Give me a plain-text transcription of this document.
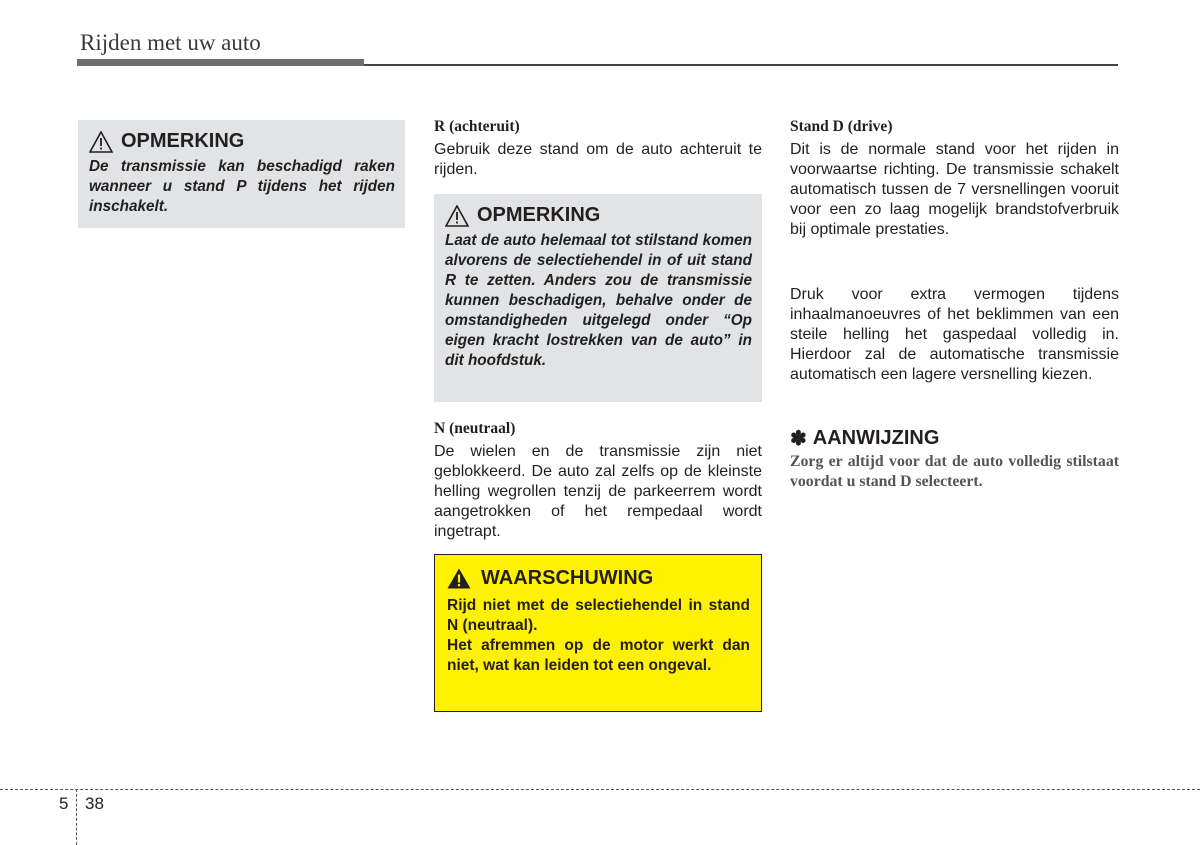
Rijden met uw auto
OPMERKING
De transmissie kan beschadigd raken wanneer u stand P tijdens het rijden inschakelt.
R (achteruit)
Gebruik deze stand om de auto achteruit te rijden.
OPMERKING
Laat de auto helemaal tot stilstand komen alvorens de selectiehendel in of uit stand R te zetten. Anders zou de transmissie kunnen beschadigen, behalve onder de omstandigheden uitgelegd onder “Op eigen kracht lostrekken van de auto” in dit hoofdstuk.
N (neutraal)
De wielen en de transmissie zijn niet geblokkeerd. De auto zal zelfs op de kleinste helling wegrollen tenzij de parkeerrem wordt aangetrokken of het rempedaal wordt ingetrapt.
WAARSCHUWING

Rijd niet met de selectiehendel in stand N (neutraal).

Het afremmen op de motor werkt dan niet, wat kan leiden tot een ongeval.

Stand D (drive)
Dit is de normale stand voor het rijden in voorwaartse richting. De transmissie schakelt automatisch tussen de 7 versnellingen vooruit voor een zo laag mogelijk brandstofverbruik bij optimale prestaties.
Druk voor extra vermogen tijdens inhaalmanoeuvres of het beklimmen van een steile helling het gaspedaal volledig in. Hierdoor zal de automatische transmissie automatisch een lagere versnelling kiezen.
✽ AANWIJZING
Zorg er altijd voor dat de auto volledig stilstaat voordat u stand D selecteert.
5 38
